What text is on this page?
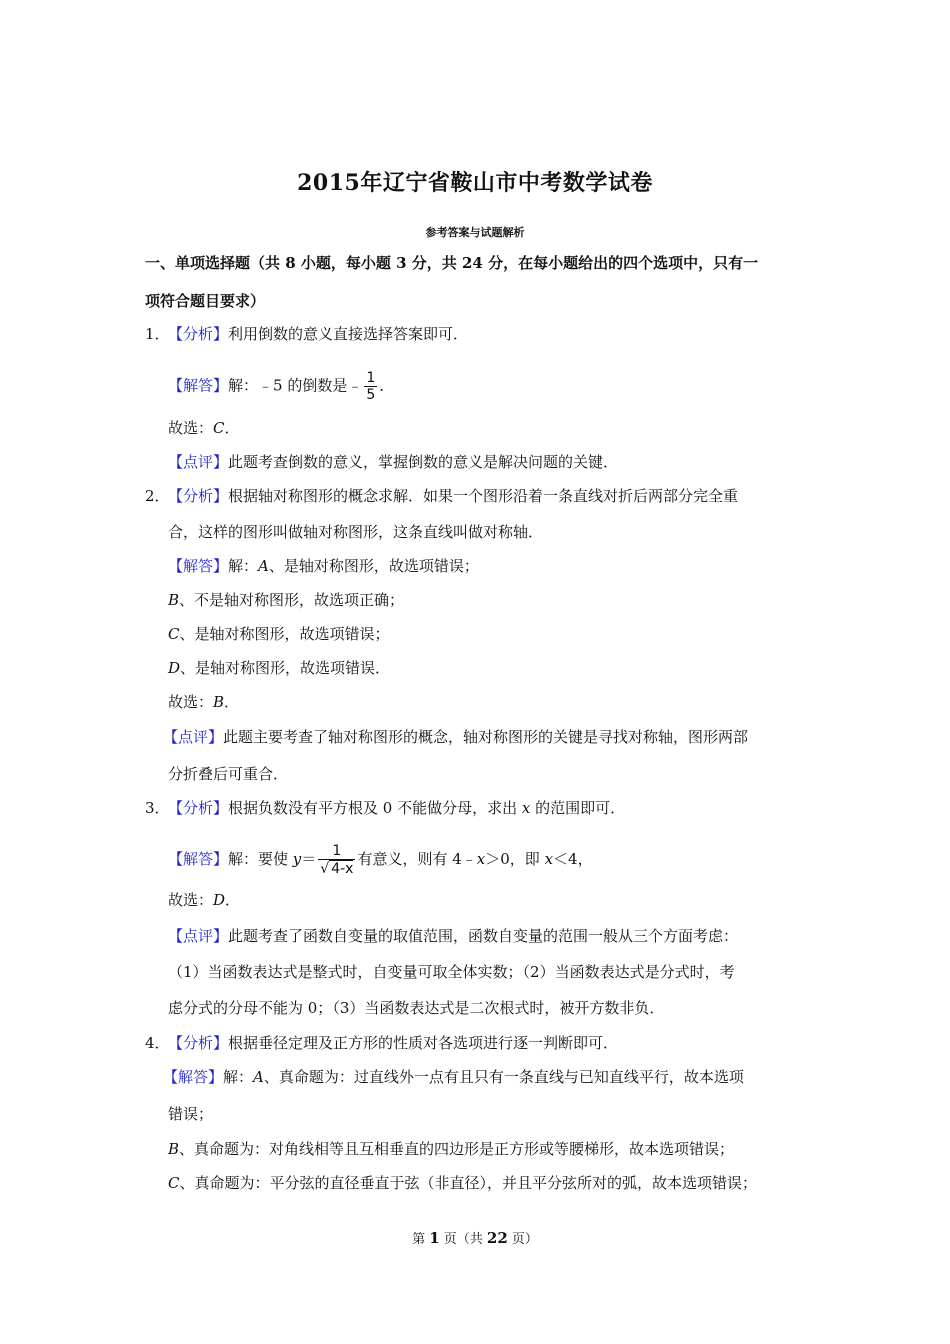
2015年辽宁省鞍山市中考数学试卷
参考答案与试题解析
一、单项选择题（共 8 小题，每小题 3 分，共 24 分，在每小题给出的四个选项中，只有一
项符合题目要求）
1．
【分析】利用倒数的意义直接选择答案即可．
【解答】解：﹣5 的倒数是﹣ $\frac{1}{5}$ ．
故选：C．
【点评】此题考查倒数的意义，掌握倒数的意义是解决问题的关键．
2．
【分析】根据轴对称图形的概念求解．如果一个图形沿着一条直线对折后两部分完全重
合，这样的图形叫做轴对称图形，这条直线叫做对称轴．
【解答】解：A、是轴对称图形，故选项错误；
B、不是轴对称图形，故选项正确；
C、是轴对称图形，故选项错误；
D、是轴对称图形，故选项错误．
故选：B．
【点评】此题主要考查了轴对称图形的概念，轴对称图形的关键是寻找对称轴，图形两部
分折叠后可重合．
3．
【分析】根据负数没有平方根及 0 不能做分母，求出 x 的范围即可．
【解答】解：要使 $y= \frac{1}{√ 4-x}$ 有意义，则有 4﹣x＞0，即 x＜4，
故选：D．
【点评】此题考查了函数自变量的取值范围，函数自变量的范围一般从三个方面考虑：
（1）当函数表达式是整式时，自变量可取全体实数；（2）当函数表达式是分式时，考
虑分式的分母不能为 0；（3）当函数表达式是二次根式时，被开方数非负．
4．
【分析】根据垂径定理及正方形的性质对各选项进行逐一判断即可．
【解答】解：A、真命题为：过直线外一点有且只有一条直线与已知直线平行，故本选项
错误；
B、真命题为：对角线相等且互相垂直的四边形是正方形或等腰梯形，故本选项错误；
C、真命题为：平分弦的直径垂直于弦（非直径），并且平分弦所对的弧，故本选项错误；
第 1 页（共 22 页）
